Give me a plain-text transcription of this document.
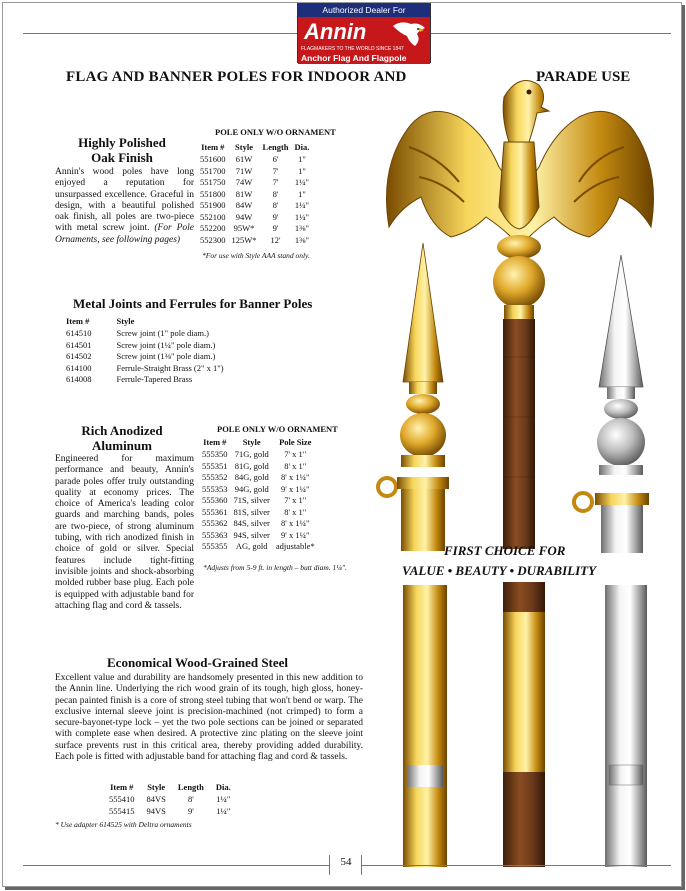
Authorized Dealer For
Annin
FLAGMAKERS TO THE WORLD SINCE 1847
Anchor Flag And Flagpole
FLAG AND BANNER POLES FOR INDOOR AND	PARADE USE
Highly Polished
Oak Finish
Annin's wood poles have long enjoyed a reputation for unsurpassed excellence. Graceful in design, with a beautiful polished oak finish, all poles are two-piece with metal screw joint. (For Pole Ornaments, see following pages)
POLE ONLY W/O ORNAMENT
Item #	Style	Length	Dia.
551600	61W	6'	1"
551700	71W	7'	1"
551750	74W	7'	1¼"
551800	81W	8'	1"
551900	84W	8'	1¼"
552100	94W	9'	1¼"
552200	95W*	9'	1⅜"
552300	125W*	12'	1⅜"
*For use with Style AAA stand only.
Metal Joints and Ferrules for Banner Poles
Item #	Style
614510	Screw joint (1" pole diam.)
614501	Screw joint (1¼" pole diam.)
614502	Screw joint (1⅜" pole diam.)
614100	Ferrule-Straight Brass (2" x 1")
614008	Ferrule-Tapered Brass
Rich Anodized
Aluminum
Engineered for maximum performance and beauty, Annin's parade poles offer truly outstanding quality at economy prices. The choice of America's leading color guards and marching bands, poles are two-piece, of strong aluminum tubing, with rich anodized finish in choice of gold or silver. Special features include tight-fitting invisible joints and shock-absorbing molded rubber base plug. Each pole is equipped with adjustable band for attaching flag and cord & tassels.
POLE ONLY W/O ORNAMENT
Item #	Style	Pole Size
555350	71G, gold	7' x 1"
555351	81G, gold	8' x 1"
555352	84G, gold	8' x 1¼"
555353	94G, gold	9' x 1¼"
555360	71S, silver	7' x 1"
555361	81S, silver	8' x 1"
555362	84S, silver	8' x 1¼"
555363	94S, silver	9' x 1¼"
555355	AG, gold	adjustable*
*Adjusts from 5-9 ft. in length – butt diam. 1¼".
Economical Wood-Grained Steel
Excellent value and durability are handsomely presented in this new addition to the Annin line. Underlying the rich wood grain of its tough, high gloss, honey-pecan painted finish is a core of strong steel tubing that won't bend or warp. The exclusive internal sleeve joint is precision-machined (not crimped) to form a secure-bayonet-type lock – yet the two pole sections can be joined or separated with complete ease when desired. A protective zinc plating on the sleeve joint surface prevents rust in this critical area, thereby providing added durability. Each pole is fitted with adjustable band for attaching flag and cord & tassels.
Item #	Style	Length	Dia.
555410	84VS	8'	1¼"
555415	94VS	9'	1¼"
* Use adapter 614525 with Deltra ornaments
FIRST CHOICE FOR
VALUE • BEAUTY • DURABILITY
54
